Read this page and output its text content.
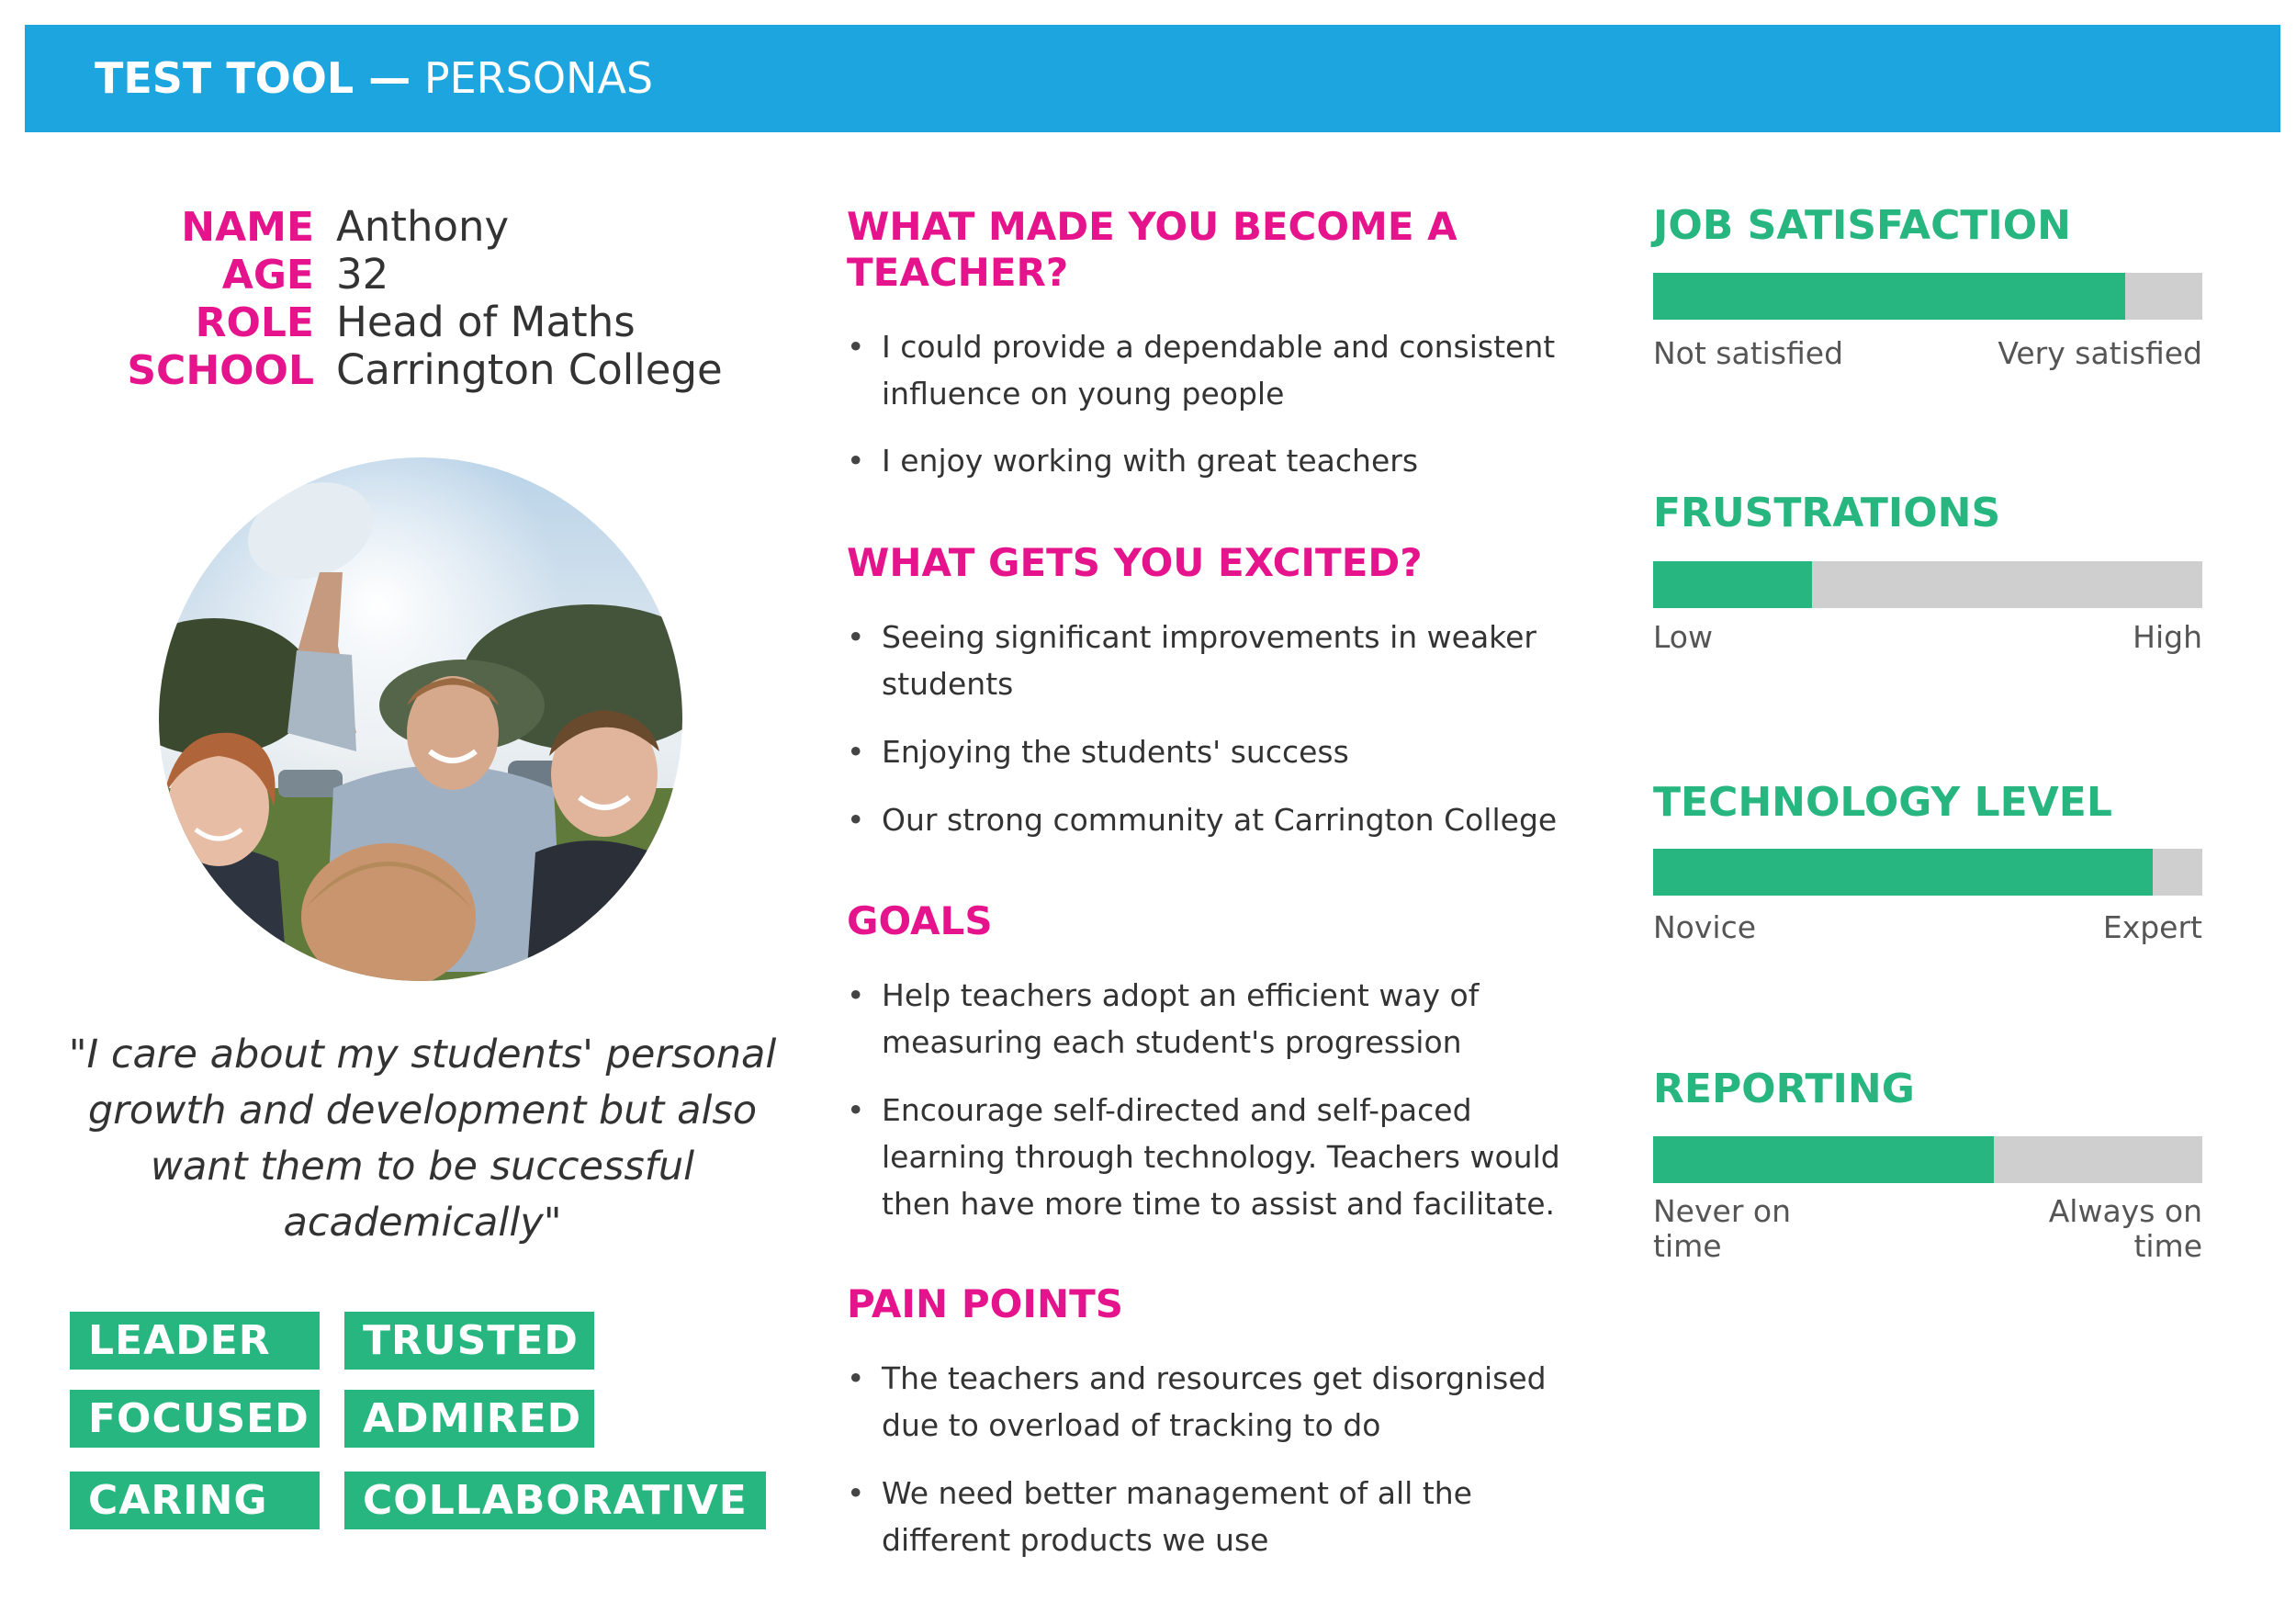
TEST TOOL — PERSONAS
NAME Anthony
AGE 32
ROLE Head of Maths
SCHOOL Carrington College
"I care about my students' personal growth and development but also want them to be successful academically"
LEADER	TRUSTED
FOCUSED	ADMIRED
CARING	COLLABORATIVE
WHAT MADE YOU BECOME A
TEACHER?
• I could provide a dependable and consistent influence on young people
• I enjoy working with great teachers
WHAT GETS YOU EXCITED?
• Seeing significant improvements in weaker students
• Enjoying the students' success
• Our strong community at Carrington College
GOALS
• Help teachers adopt an efficient way of measuring each student's progression
• Encourage self-directed and self-paced learning through technology. Teachers would then have more time to assist and facilitate.
PAIN POINTS
• The teachers and resources get disorgnised due to overload of tracking to do
• We need better management of all the different products we use
JOB SATISFACTION
Not satisfied	Very satisfied
FRUSTRATIONS
Low	High
TECHNOLOGY LEVEL
Novice	Expert
REPORTING
Never on time
Always on time
